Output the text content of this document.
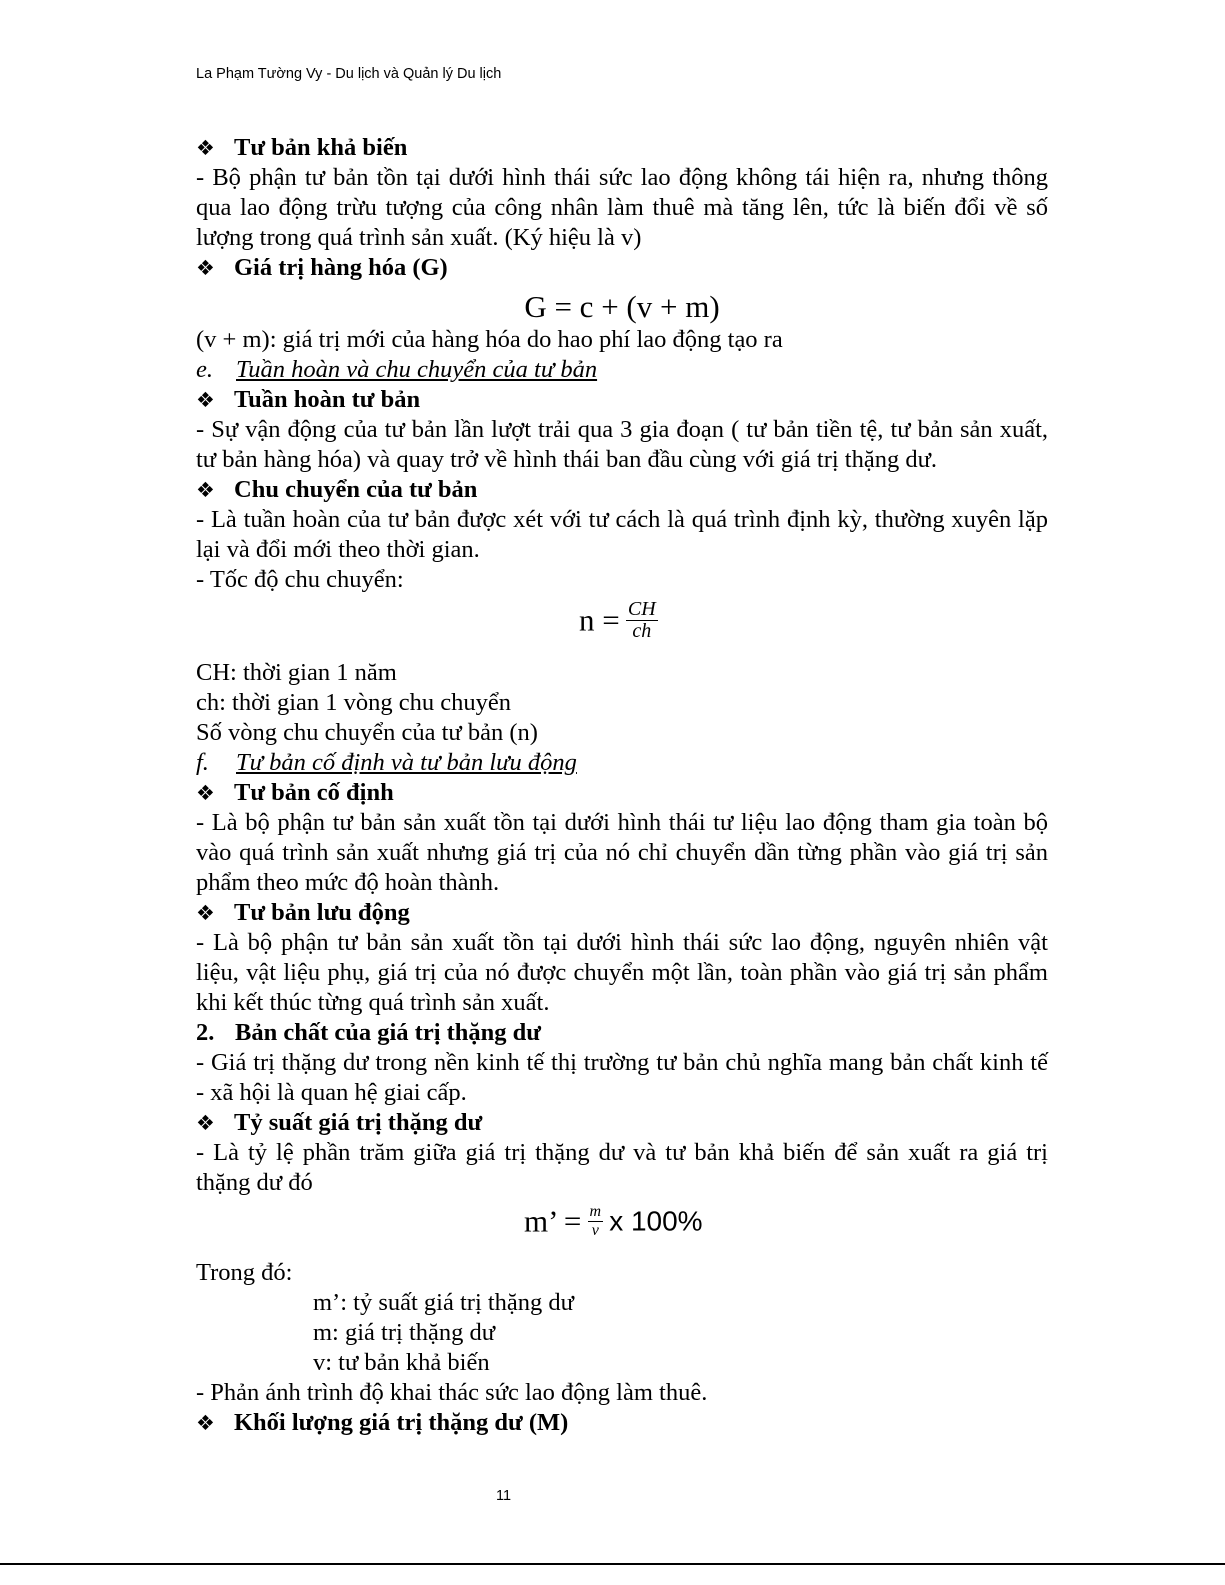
La Phạm Tường Vy - Du lịch và Quản lý Du lịch
❖ Tư bản khả biến
- Bộ phận tư bản tồn tại dưới hình thái sức lao động không tái hiện ra, nhưng thông qua lao động trừu tượng của công nhân làm thuê mà tăng lên, tức là biến đổi về số lượng trong quá trình sản xuất. (Ký hiệu là v)
❖ Giá trị hàng hóa (G)
G = c + (v + m)
(v + m): giá trị mới của hàng hóa do hao phí lao động tạo ra
e. Tuần hoàn và chu chuyển của tư bản
❖ Tuần hoàn tư bản
- Sự vận động của tư bản lần lượt trải qua 3 gia đoạn ( tư bản tiền tệ, tư bản sản xuất, tư bản hàng hóa) và quay trở về hình thái ban đầu cùng với giá trị thặng dư.
❖ Chu chuyển của tư bản
- Là tuần hoàn của tư bản được xét với tư cách là quá trình định kỳ, thường xuyên lặp lại và đổi mới theo thời gian.
- Tốc độ chu chuyển:
$n = \frac{CH}{ch}$
CH: thời gian 1 năm
ch: thời gian 1 vòng chu chuyển
Số vòng chu chuyển của tư bản (n)
f. Tư bản cố định và tư bản lưu động
❖ Tư bản cố định
- Là bộ phận tư bản sản xuất tồn tại dưới hình thái tư liệu lao động tham gia toàn bộ vào quá trình sản xuất nhưng giá trị của nó chỉ chuyển dần từng phần vào giá trị sản phẩm theo mức độ hoàn thành.
❖ Tư bản lưu động
- Là bộ phận tư bản sản xuất tồn tại dưới hình thái sức lao động, nguyên nhiên vật liệu, vật liệu phụ, giá trị của nó được chuyển một lần, toàn phần vào giá trị sản phẩm khi kết thúc từng quá trình sản xuất.
2. Bản chất của giá trị thặng dư
- Giá trị thặng dư trong nền kinh tế thị trường tư bản chủ nghĩa mang bản chất kinh tế - xã hội là quan hệ giai cấp.
❖ Tỷ suất giá trị thặng dư
- Là tỷ lệ phần trăm giữa giá trị thặng dư và tư bản khả biến để sản xuất ra giá trị thặng dư đó
m’ = $\frac{m}{v}$ x 100%
Trong đó:
m’: tỷ suất giá trị thặng dư
m: giá trị thặng dư
v: tư bản khả biến
- Phản ánh trình độ khai thác sức lao động làm thuê.
❖ Khối lượng giá trị thặng dư (M)
11
